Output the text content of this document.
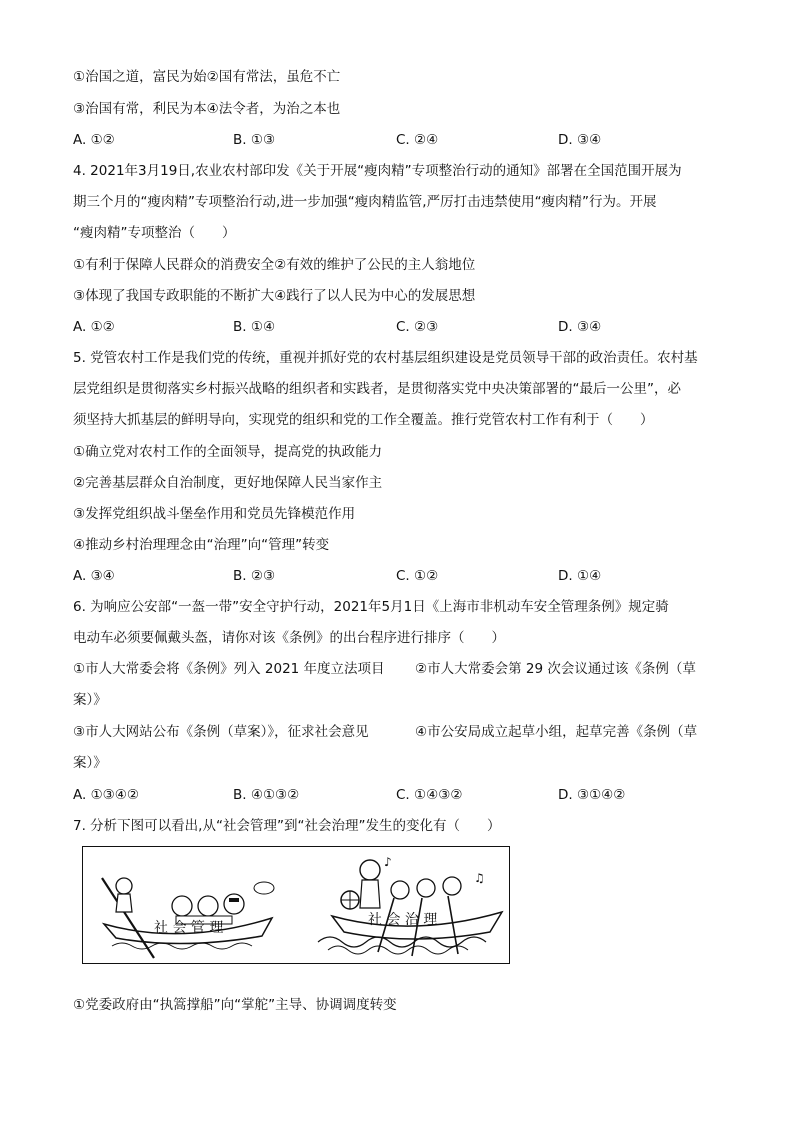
①治国之道，富民为始②国有常法，虽危不亡
③治国有常，利民为本④法令者，为治之本也
A. ①②	B. ①③	C. ②④	D. ③④
4. 2021年3月19日,农业农村部印发《关于开展“瘦肉精”专项整治行动的通知》部署在全国范围开展为
期三个月的“瘦肉精”专项整治行动,进一步加强“瘦肉精监管,严厉打击违禁使用“瘦肉精”行为。开展
“瘦肉精”专项整治（　　）
①有利于保障人民群众的消费安全②有效的维护了公民的主人翁地位
③体现了我国专政职能的不断扩大④践行了以人民为中心的发展思想
A. ①②	B. ①④	C. ②③	D. ③④
5. 党管农村工作是我们党的传统，重视并抓好党的农村基层组织建设是党员领导干部的政治责任。农村基
层党组织是贯彻落实乡村振兴战略的组织者和实践者，是贯彻落实党中央决策部署的“最后一公里”，必
须坚持大抓基层的鲜明导向，实现党的组织和党的工作全覆盖。推行党管农村工作有利于（　　）
①确立党对农村工作的全面领导，提高党的执政能力
②完善基层群众自治制度，更好地保障人民当家作主
③发挥党组织战斗堡垒作用和党员先锋模范作用
④推动乡村治理理念由“治理”向“管理”转变
A. ③④	B. ②③	C. ①②	D. ①④
6. 为响应公安部“一盔一带”安全守护行动，2021年5月1日《上海市非机动车安全管理条例》规定骑
电动车必须要佩戴头盔，请你对该《条例》的出台程序进行排序（　　）
①市人大常委会将《条例》列入 2021 年度立法项目 ②市人大常委会第 29 次会议通过该《条例（草
案）》
③市人大网站公布《条例（草案）》，征求社会意见	④市公安局成立起草小组，起草完善《条例（草
案）》
A. ①③④②	B. ④①③②	C. ①④③②	D. ③①④②
7. 分析下图可以看出,从“社会管理”到“社会治理”发生的变化有（　　）
♪
♫
社 会 管 理	社 会 治 理
①党委政府由“执篙撑船”向“掌舵”主导、协调调度转变
